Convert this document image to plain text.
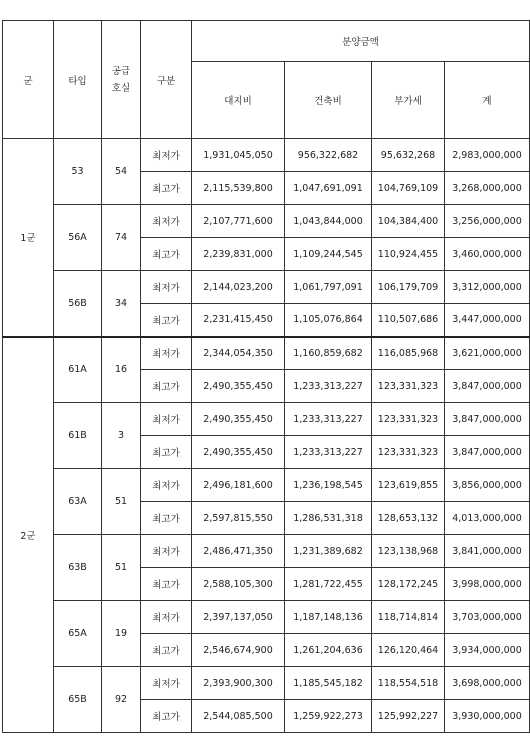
군	타입	공급
호실	구분	분양금액			
				대지비	건축비	부가세	계
1군	53	54	최저가	1,931,045,050	956,322,682	95,632,268	2,983,000,000
			최고가	2,115,539,800	1,047,691,091	104,769,109	3,268,000,000
	56A	74	최저가	2,107,771,600	1,043,844,000	104,384,400	3,256,000,000
			최고가	2,239,831,000	1,109,244,545	110,924,455	3,460,000,000
	56B	34	최저가	2,144,023,200	1,061,797,091	106,179,709	3,312,000,000
			최고가	2,231,415,450	1,105,076,864	110,507,686	3,447,000,000
2군	61A	16	최저가	2,344,054,350	1,160,859,682	116,085,968	3,621,000,000
			최고가	2,490,355,450	1,233,313,227	123,331,323	3,847,000,000
	61B	3	최저가	2,490,355,450	1,233,313,227	123,331,323	3,847,000,000
			최고가	2,490,355,450	1,233,313,227	123,331,323	3,847,000,000
	63A	51	최저가	2,496,181,600	1,236,198,545	123,619,855	3,856,000,000
			최고가	2,597,815,550	1,286,531,318	128,653,132	4,013,000,000
	63B	51	최저가	2,486,471,350	1,231,389,682	123,138,968	3,841,000,000
			최고가	2,588,105,300	1,281,722,455	128,172,245	3,998,000,000
	65A	19	최저가	2,397,137,050	1,187,148,136	118,714,814	3,703,000,000
			최고가	2,546,674,900	1,261,204,636	126,120,464	3,934,000,000
	65B	92	최저가	2,393,900,300	1,185,545,182	118,554,518	3,698,000,000
			최고가	2,544,085,500	1,259,922,273	125,992,227	3,930,000,000
